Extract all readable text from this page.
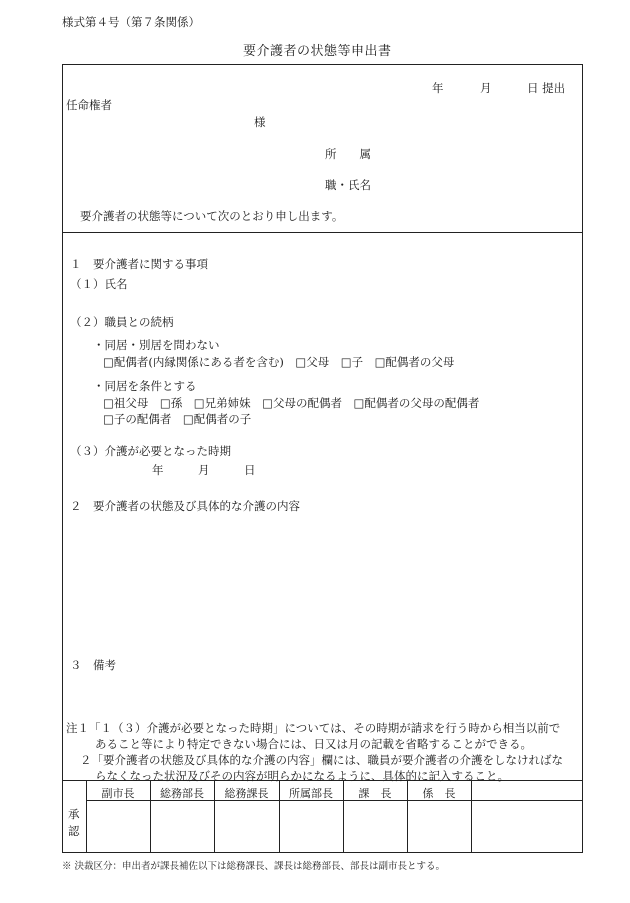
様式第４号（第７条関係）
要介護者の状態等申出書
年	月	日 提出
任命権者
様
所　　属
職・氏名
要介護者の状態等について次のとおり申し出ます。
１　要介護者に関する事項
（１）氏名
（２）職員との続柄
・同居・別居を問わない
□配偶者(内縁関係にある者を含む)　□父母　□子　□配偶者の父母
・同居を条件とする
□祖父母　□孫　□兄弟姉妹　□父母の配偶者　□配偶者の父母の配偶者
□子の配偶者　□配偶者の子
（３）介護が必要となった時期
年	月	日
２　要介護者の状態及び具体的な介護の内容
３　備考
注１「１（３）介護が必要となった時期」については、その時期が請求を行う時から相当以前で
あること等により特定できない場合には、日又は月の記載を省略することができる。
２「要介護者の状態及び具体的な介護の内容」欄には、職員が要介護者の介護をしなければな
らなくなった状況及びその内容が明らかになるように、具体的に記入すること。
承
認
副市長	総務部長	総務課長	所属部長	課　長	係　長
※ 決裁区分：申出者が課長補佐以下は総務課長、課長は総務部長、部長は副市長とする。
